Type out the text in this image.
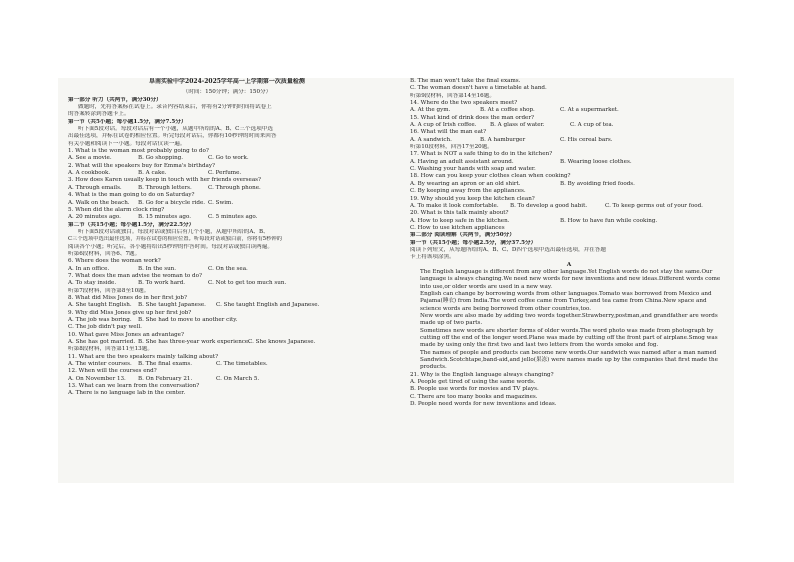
阜南实验中学2024-2025学年高一上学期第一次质量检测
（时间：150分钟；满分：150分）
第一部分 听力（共两节，满分30分）
做题时，先将答案标在试卷上。录音内容结束后，你将有2分钟的时间将试卷上
的答案转涂到答题卡上。
第一节（共5小题；每小题1.5分，满分7.5分）
听下面5段对话。每段对话后有一个小题，从题中所给的A、B、C三个选项中选
出最佳选项，并标在试卷的相应位置。听完每段对话后，你都有10秒钟的时间来回答
有关小题和阅读下一小题。每段对话仅读一遍。
1. What is the woman most probably going to do?
A. See a movie.	B. Go shopping.	C. Go to work.
2. What will the speakers buy for Emma's birthday?
A. A cookbook.	B. A cake.	C. Perfume.
3. How does Karen usually keep in touch with her friends overseas?
A. Through emails.	B. Through letters.	C. Through phone.
4. What is the man going to do on Saturday?
A. Walk on the beach.	B. Go for a bicycle ride. C. Swim.
5. When did the alarm clock ring?
A. 20 minutes ago.	B. 15 minutes ago.	C. 5 minutes ago.
第二节（共15小题；每小题1.5分，满分22.5分）
听下面5段对话或独白。每段对话或独白后有几个小题，从题中所给的A、B、
C三个选项中选出最佳选项，并标在试卷的相应位置。听每段对话或独白前，你将有5秒钟的
阅读各个小题；听完后，各小题将给出5秒钟的作答时间。每段对话或独白读两遍。
听第6段材料，回答6、7题。
6. Where does the woman work?
A. In an office.	B. In the sun.	C. On the sea.
7. What does the man advise the woman to do?
A. To stay inside.	B. To work hard.	C. Not to get too much sun.
听第7段材料，回答第8至10题。
8. What did Miss Jones do in her first job?
A. She taught English.	B. She taught Japanese.	C. She taught English and Japanese.
9. Why did Miss Jones give up her first job?
A. The job was boring.	B. She had to move to another city.
C. The job didn't pay well.
10. What gave Miss Jones an advantage?
A. She has got married. B. She has three-year work experience.
C. She knows Japanese.
听第8段材料，回答第11至13题。
11. What are the two speakers mainly talking about?
A. The winter courses.	B. The final exams.	C. The timetables.
12. When will the courses end?
A. On November 13.	B. On February 21.	C. On March 5.
13. What can we learn from the conversation?
A. There is no language lab in the center.
B. The man won't take the final exams.
C. The woman doesn't have a timetable at hand.
听第9段材料，回答第14至16题。
14. Where do the two speakers meet?
A. At the gym.	B. At a coffee shop.	C. At a supermarket.
15. What kind of drink does the man order?
A. A cup of Irish coffee.	B. A glass of water.	C. A cup of tea.
16. What will the man eat?
A. A sandwich.	B. A hamburger	C. His cereal bars.
听第10段材料，回答17至20题。
17. What is NOT a safe thing to do in the kitchen?
A. Having an adult assistant around.	B. Wearing loose clothes.
C. Washing your hands with soap and water.
18. How can you keep your clothes clean when cooking?
A. By wearing an apron or an old shirt.	B. By avoiding fried foods.
C. By keeping away from the appliances.
19. Why should you keep the kitchen clean?
A. To make it look comfortable.	B. To develop a good habit.	C. To keep germs out of your food.
20. What is this talk mainly about?
A. How to keep safe in the kitchen.	B. How to have fun while cooking.
C. How to use kitchen appliances
第二部分 阅读理解（共两节，满分50分）
第一节（共15小题；每小题2.5分，满分37.5分）
阅读下列短文，从每题所给的A、B、C、D四个选项中选出最佳选项，并在答题
卡上将该项涂黑。
A
The English language is different from any other language.Yet English words do not stay the same.Our language is always changing.We need new words for new inventions and new ideas.Different words come into use,or older words are used in a new way.
English can change by borrowing words from other languages.Tomato was borrowed from Mexico and Pajama(睡衣) from India.The word coffee came from Turkey,and tea came from China.New space and science words are being borrowed from other countries,too.
New words are also made by adding two words together.Strawberry,postman,and grandfather are words made up of two parts.
Sometimes new words are shorter forms of older words.The word photo was made from photograph by cutting off the end of the longer word.Plane was made by cutting off the front part of airplane.Smog was made by using only the first two and last two letters from the words smoke and fog.
The names of people and products can become new words.Our sandwich was named after a man named Sandwich.Scotchtape,band-aid,and jello(果冻) were names made up by the companies that first made the products.
21. Why is the English language always changing?
A. People get tired of using the same words.
B. People use words for movies and TV plays.
C. There are too many books and magazines.
D. People need words for new inventions and ideas.
